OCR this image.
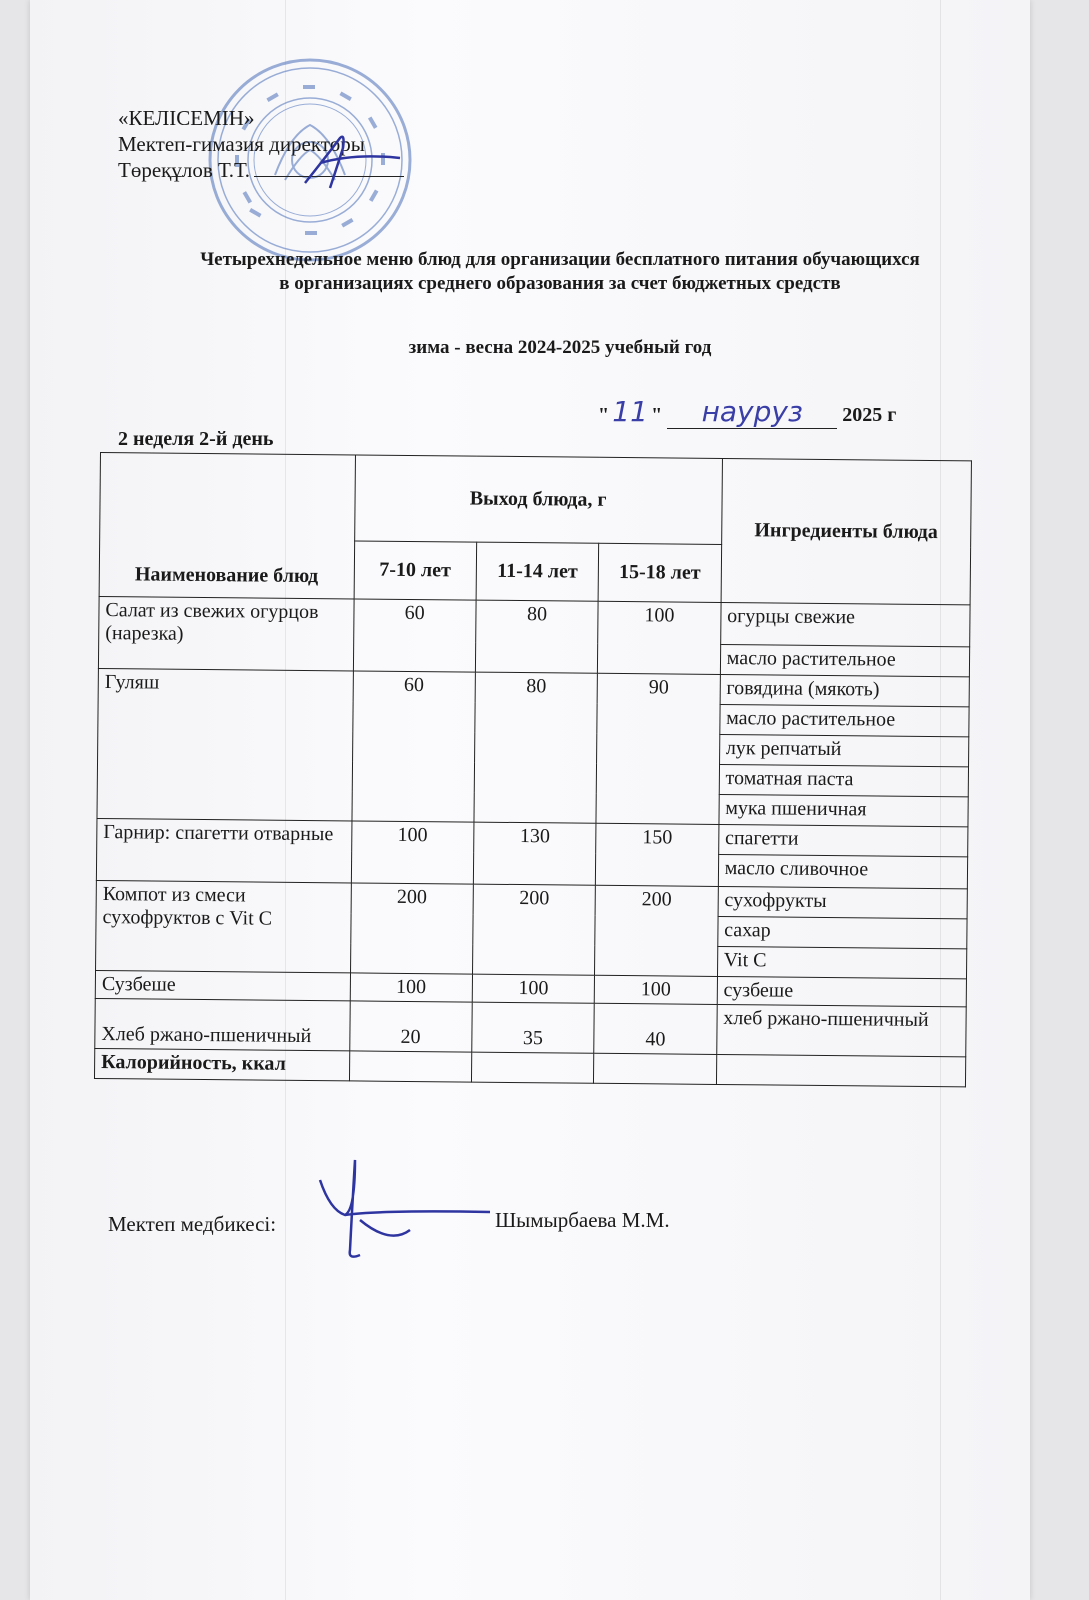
«КЕЛІСЕМІН»
Мектеп-гимазия директоры
Төреқұлов Т.Т.
Четырехнедельное меню блюд для организации бесплатного питания обучающихся
в организациях среднего образования за счет бюджетных средств
зима - весна 2024-2025 учебный год
2 неделя 2-й день
" 11 " науруз 2025 г
Наименование блюд	Выход блюда, г			Ингредиенты блюда
	7-10 лет	11-14 лет	15-18 лет	
Салат из свежих огурцов (нарезка)	60	80	100	огурцы свежие
				масло растительное
Гуляш	60	80	90	говядина (мякоть)
				масло растительное
				лук репчатый
				томатная паста
				мука пшеничная
Гарнир: спагетти отварные	100	130	150	спагетти
				масло сливочное
Компот из смеси сухофруктов с Vit C	200	200	200	сухофрукты
				сахар
				Vit C
Сузбеше	100	100	100	сузбеше
Хлеб ржано-пшеничный	20	35	40	хлеб ржано-пшеничный
Калорийность, ккал				
Мектеп медбикесі:	Шымырбаева М.М.
